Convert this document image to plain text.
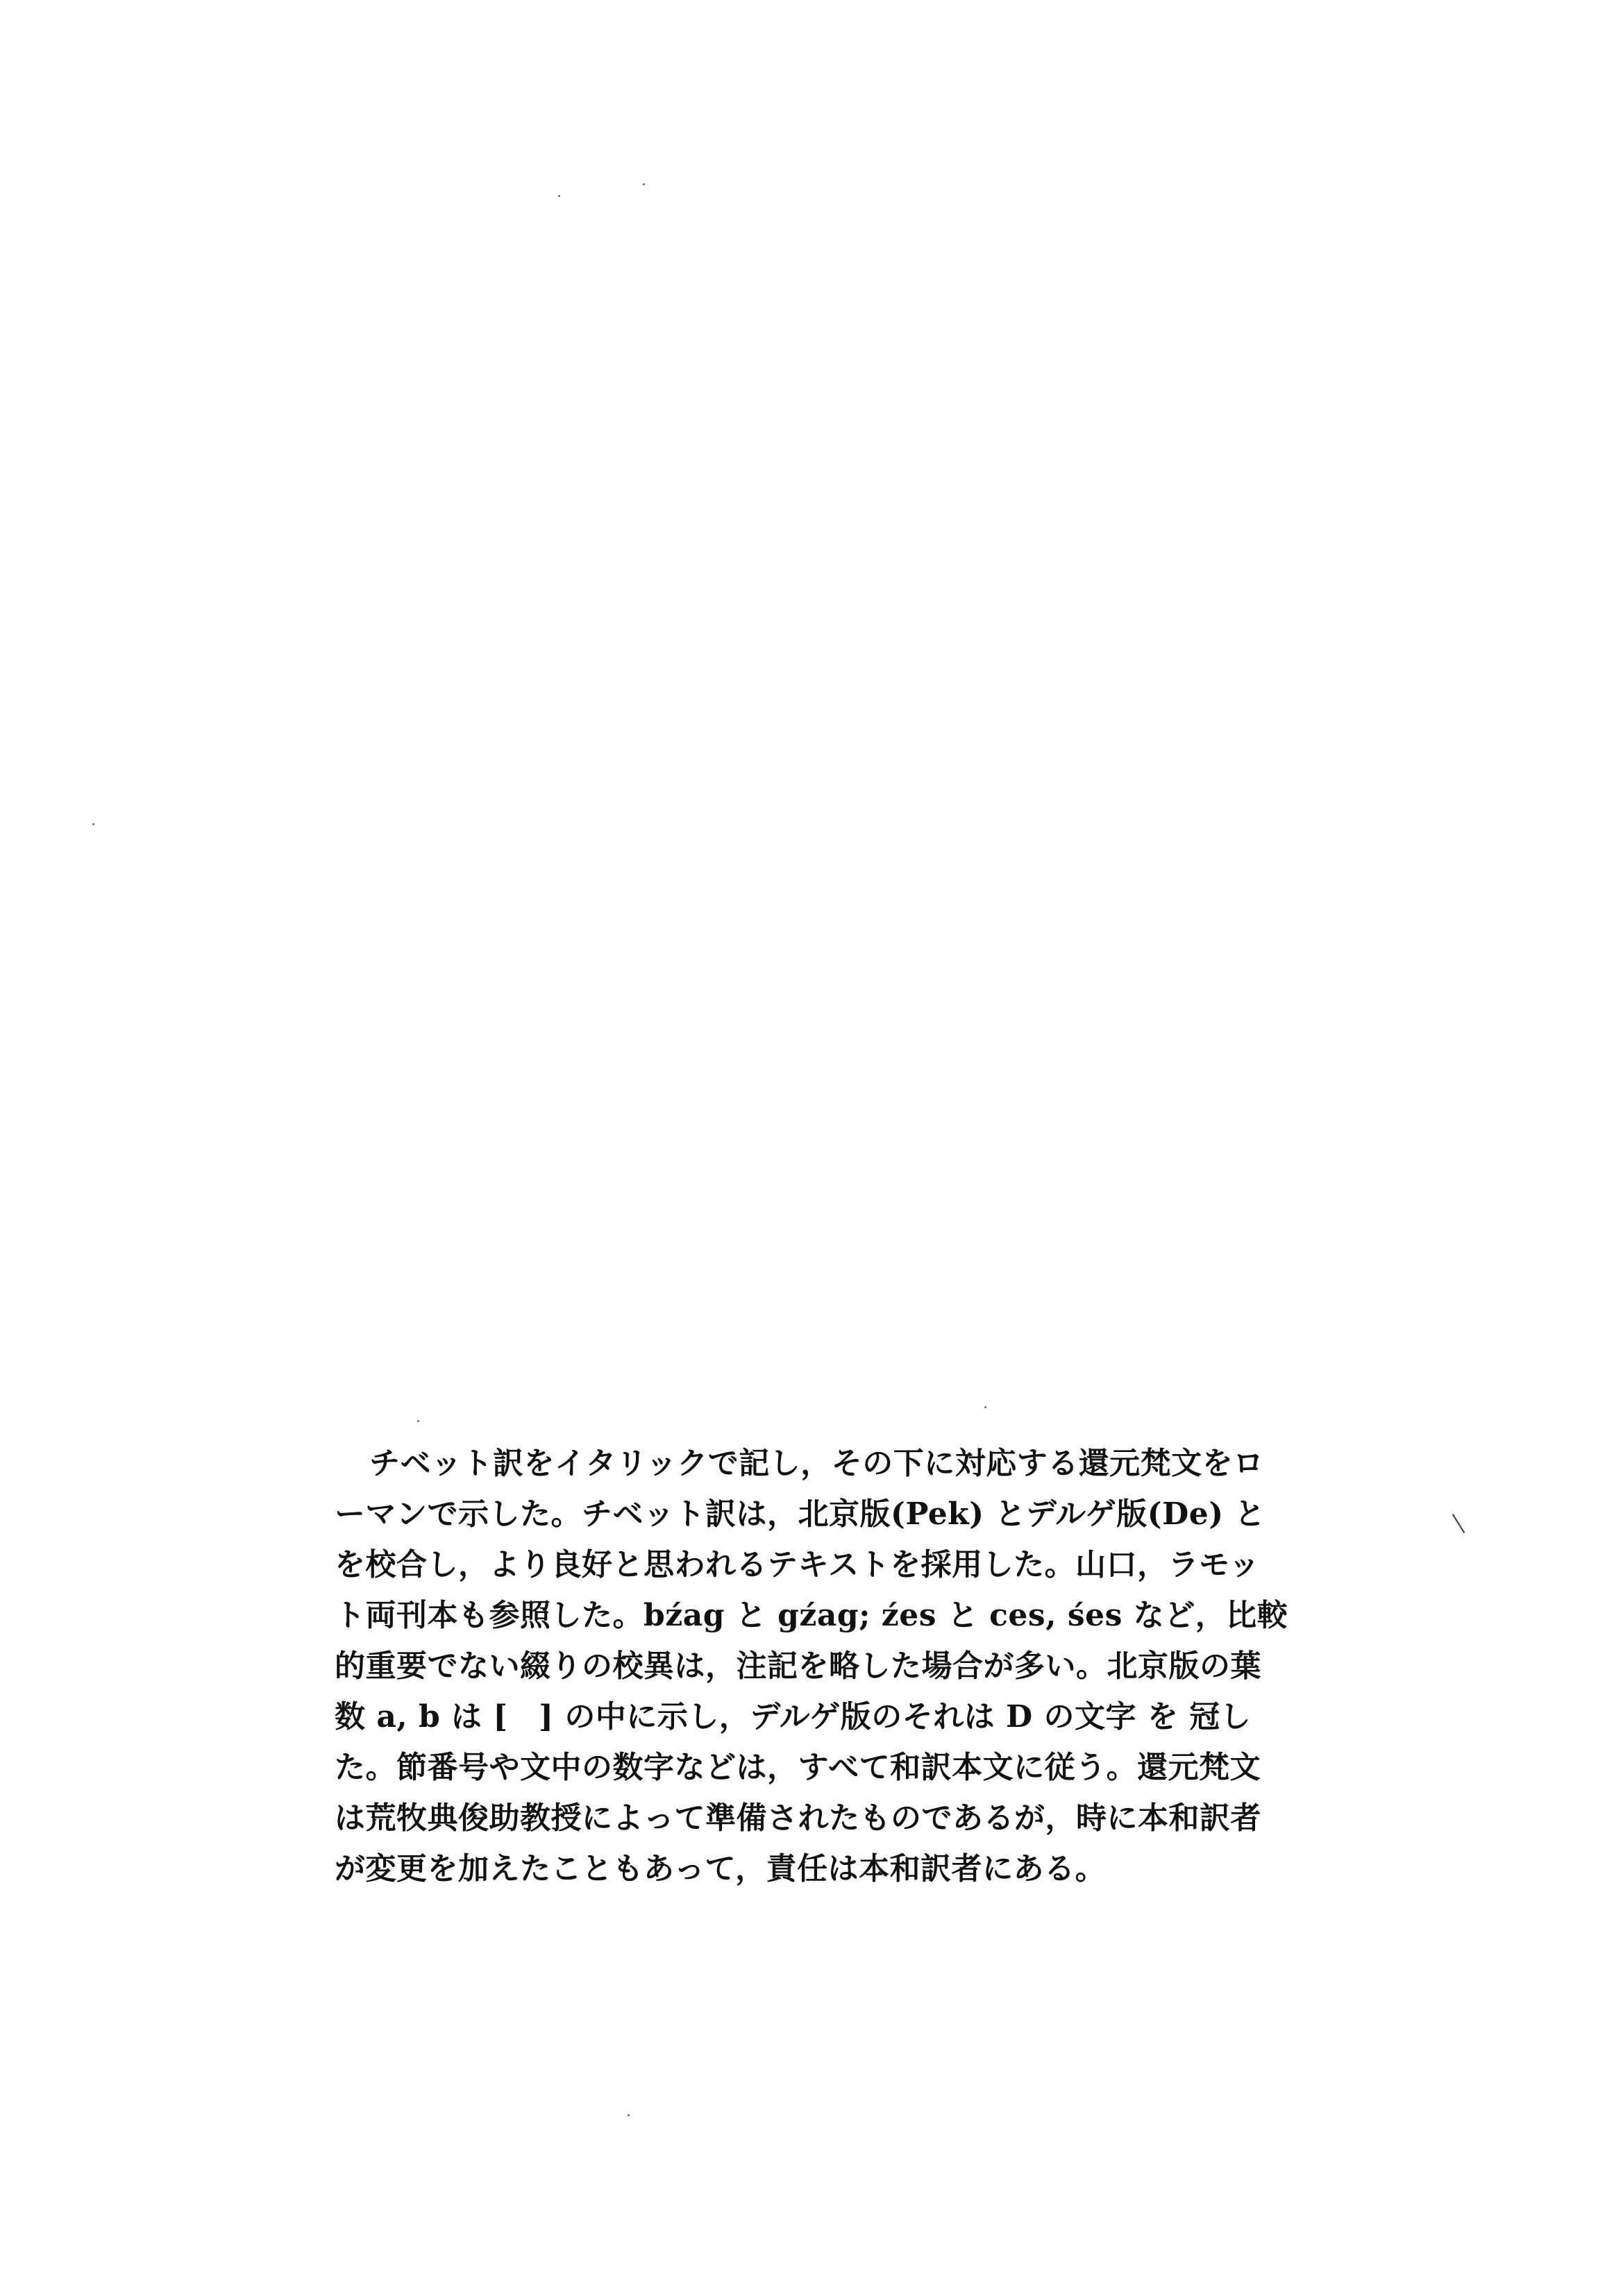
チベット訳をイタリックで記し，その下に対応する還元梵文をロ
ーマンで示した。チベット訳は，北京版(Pek) とデルゲ版(De) と
を校合し，より良好と思われるテキストを採用した。山口，ラモッ
ト両刊本も参照した。bźag と gźag; źes と ces, śes など，比較
的重要でない綴りの校異は，注記を略した場合が多い。北京版の葉
数 a, b は [　] の中に示し，デルゲ版のそれは D の文字 を 冠し
た。節番号や文中の数字などは，すべて和訳本文に従う。還元梵文
は荒牧典俊助教授によって準備されたものであるが，時に本和訳者
が変更を加えたこともあって，責任は本和訳者にある。
